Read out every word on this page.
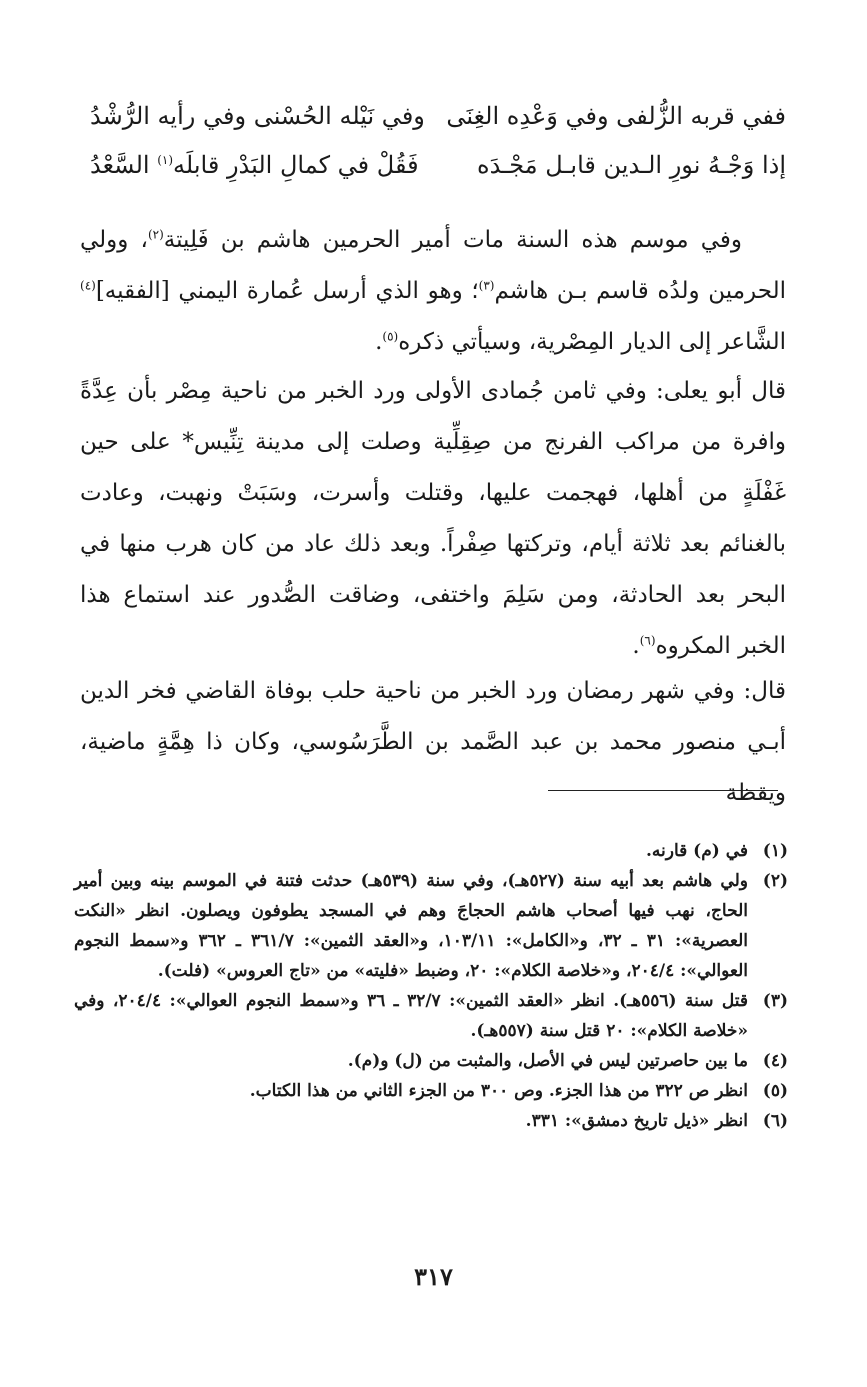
ففي قربه الزُّلفى وفي وَعْدِه الغِنَى
وفي نَيْله الحُسْنى وفي رأيه الرُّشْدُ
إذا وَجْـهُ نورِ الـدين قابـل مَجْـدَه
فَقُلْ في كمالِ البَدْرِ قابلَه$^{(١)}$ السَّعْدُ
وفي موسم هذه السنة مات أمير الحرمين هاشم بن فَلِيتة$^{(٢)}$، وولي الحرمين ولدُه قاسم بـن هاشم$^{(٣)}$؛ وهو الذي أرسل عُمارة اليمني [الفقيه]$^{(٤)}$ الشَّاعر إلى الديار المِصْرية، وسيأتي ذكره$^{(٥)}$.
قال أبو يعلى: وفي ثامن جُمادى الأولى ورد الخبر من ناحية مِصْر بأن عِدَّةً وافرة من مراكب الفرنج من صِقِلِّية وصلت إلى مدينة تِنِّيس* على حين غَفْلَةٍ من أهلها، فهجمت عليها، وقتلت وأسرت، وسَبَتْ ونهبت، وعادت بالغنائم بعد ثلاثة أيام، وتركتها صِفْراً. وبعد ذلك عاد من كان هرب منها في البحر بعد الحادثة، ومن سَلِمَ واختفى، وضاقت الصُّدور عند استماع هذا الخبر المكروه$^{(٦)}$.
قال: وفي شهر رمضان ورد الخبر من ناحية حلب بوفاة القاضي فخر الدين أبـي منصور محمد بن عبد الصَّمد بن الطَّرَسُوسي، وكان ذا هِمَّةٍ ماضية، ويقظة
(١)
في (م) قارنه.
(٢)
ولي هاشم بعد أبيه سنة (٥٢٧هـ)، وفي سنة (٥٣٩هـ) حدثت فتنة في الموسم بينه وبين أمير الحاج، نهب فيها أصحاب هاشم الحجاجَ وهم في المسجد يطوفون ويصلون. انظر «النكت العصرية»: ٣١ ـ ٣٢، و«الكامل»: ١٠٣/١١، و«العقد الثمين»: ٣٦١/٧ ـ ٣٦٢ و«سمط النجوم العوالي»: ٢٠٤/٤، و«خلاصة الكلام»: ٢٠، وضبط «فليته» من «تاج العروس» (فلت).
(٣)
قتل سنة (٥٥٦هـ). انظر «العقد الثمين»: ٣٢/٧ ـ ٣٦ و«سمط النجوم العوالي»: ٢٠٤/٤، وفي «خلاصة الكلام»: ٢٠ قتل سنة (٥٥٧هـ).
(٤)
ما بين حاصرتين ليس في الأصل، والمثبت من (ل) و(م).
(٥)
انظر ص ٣٢٢ من هذا الجزء. وص ٣٠٠ من الجزء الثاني من هذا الكتاب.
(٦)
انظر «ذيل تاريخ دمشق»: ٣٣١.
٣١٧
